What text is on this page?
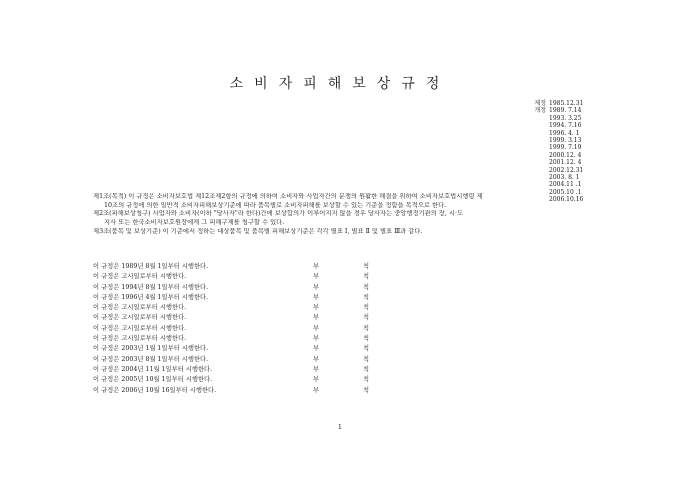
소비자피해보상규정
제정 1985.12.31
개정 1989. 7.14
1993. 3.25
1994. 7.16
1996. 4. 1
1999. 3.13
1999. 7.19
2000.12. 4
2001.12. 4
2002.12.31
2003. 8. 1
2004.11 .1
2005.10 .1
2006.10.16
제1조(목적) 이 규정은 소비자보호법 제12조제2항의 규정에 의하여 소비자와 사업자간의 분쟁의 원활한 해결을 위하여 소비자보호법시행령 제
10조의 규정에 의한 일반적 소비자피해보상기준에 따라 품목별로 소비자피해를 보상할 수 있는 기준을 정함을 목적으로 한다.
제2조(피해보상청구) 사업자와 소비자(이하 "당사자"라 한다)간에 보상합의가 이루어지지 않을 경우 당사자는 중앙행정기관의 장, 시·도
지사 또는 한국소비자보호원장에게 그 피해구제를 청구할 수 있다.
제3조(품목 및 보상기준) 이 기준에서 정하는 대상품목 및 품목별 피해보상기준은 각각 별표 Ⅰ, 별표 Ⅱ 및 별표 Ⅲ과 같다.
이 규정은 1989년 8월 1일부터 시행한다.	부	칙
이 규정은 고시일로부터 시행한다.	부	칙
이 규정은 1994년 8월 1일부터 시행한다.	부	칙
이 규정은 1996년 4월 1일부터 시행한다.	부	칙
이 규정은 고시일로부터 시행한다.	부	칙
이 규정은 고시일로부터 시행한다.	부	칙
이 규정은 고시일로부터 시행한다.	부	칙
이 규정은 고시일로부터 시행한다.	부	칙
이 규정은 2003년 1월 1일부터 시행한다.	부	칙
이 규정은 2003년 8월 1일부터 시행한다.	부	칙
이 규정은 2004년 11월 1일부터 시행한다.	부	칙
이 규정은 2005년 10월 1일부터 시행한다.	부	칙
이 규정은 2006년 10월 16일부터 시행한다.	부	칙
1
